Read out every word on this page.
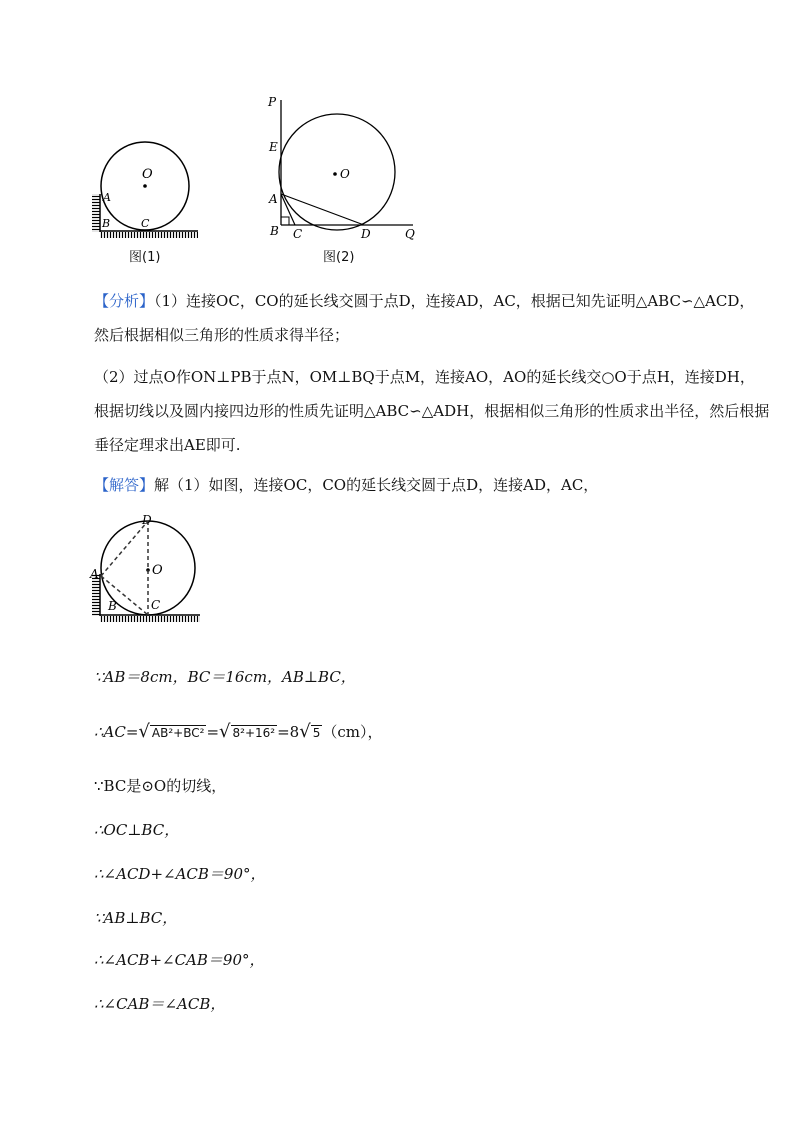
O
A
B	C
图(1)
P
E
O
A
B C	D	Q
图(2)
【分析】（1）连接OC，CO的延长线交圆于点D，连接AD，AC，根据已知先证明△ABC∽△ACD，
然后根据相似三角形的性质求得半径；
（2）过点O作ON⊥PB于点N，OM⊥BQ于点M，连接AO，AO的延长线交○O于点H，连接DH，
根据切线以及圆内接四边形的性质先证明△ABC∽△ADH，根据相似三角形的性质求出半径，然后根据
垂径定理求出AE即可.
【解答】解（1）如图，连接OC，CO的延长线交圆于点D，连接AD，AC，
D
O
A
B	C
∵AB＝8cm，BC＝16cm，AB⊥BC，
∴AC=√ AB²+BC² =√ 8²+16² =8√ 5 （cm），
∵BC是⊙O的切线，
∴OC⊥BC，
∴∠ACD+∠ACB＝90°，
∵AB⊥BC，
∴∠ACB+∠CAB＝90°，
∴∠CAB＝∠ACB，
